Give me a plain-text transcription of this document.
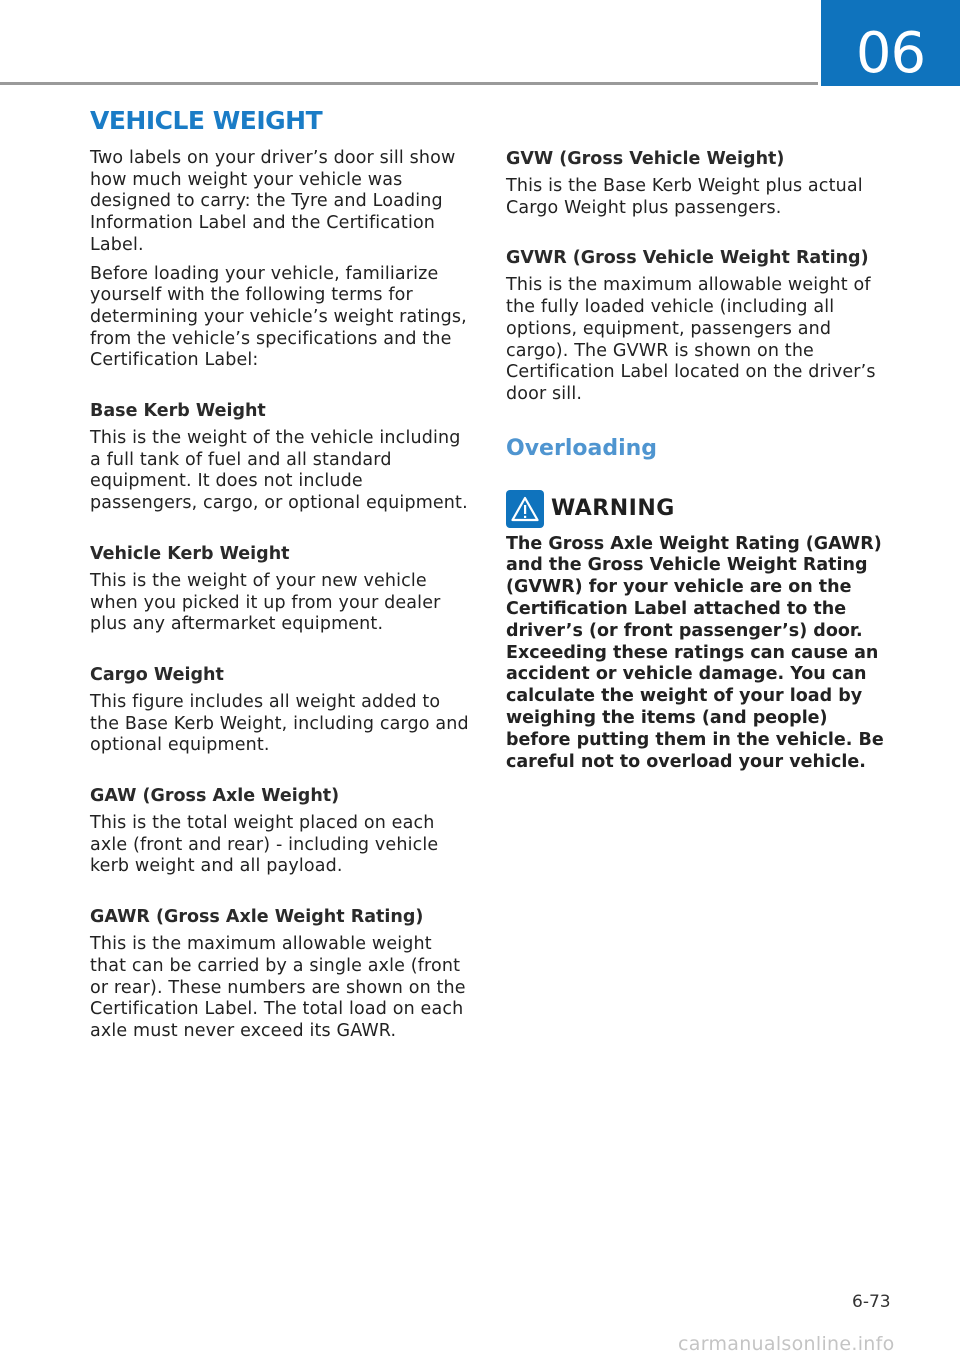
06
VEHICLE WEIGHT

Two labels on your driver’s door sill show how much weight your vehicle was designed to carry: the Tyre and Loading Information Label and the Certification Label.

Before loading your vehicle, familiarize yourself with the following terms for determining your vehicle’s weight ratings, from the vehicle’s specifications and the Certification Label:

Base Kerb Weight

This is the weight of the vehicle including a full tank of fuel and all standard equipment. It does not include passengers, cargo, or optional equipment.

Vehicle Kerb Weight

This is the weight of your new vehicle when you picked it up from your dealer plus any aftermarket equipment.

Cargo Weight

This figure includes all weight added to the Base Kerb Weight, including cargo and optional equipment.

GAW (Gross Axle Weight)

This is the total weight placed on each axle (front and rear) - including vehicle kerb weight and all payload.

GAWR (Gross Axle Weight Rating)

This is the maximum allowable weight that can be carried by a single axle (front or rear). These numbers are shown on the Certification Label. The total load on each axle must never exceed its GAWR.

GVW (Gross Vehicle Weight)

This is the Base Kerb Weight plus actual Cargo Weight plus passengers.

GVWR (Gross Vehicle Weight Rating)

This is the maximum allowable weight of the fully loaded vehicle (including all options, equipment, passengers and cargo). The GVWR is shown on the Certification Label located on the driver’s door sill.

Overloading
WARNING

The Gross Axle Weight Rating (GAWR) and the Gross Vehicle Weight Rating (GVWR) for your vehicle are on the Certification Label attached to the driver’s (or front passenger’s) door. Exceeding these ratings can cause an accident or vehicle damage. You can calculate the weight of your load by weighing the items (and people) before putting them in the vehicle. Be careful not to overload your vehicle.

6-73
carmanualsonline.info
